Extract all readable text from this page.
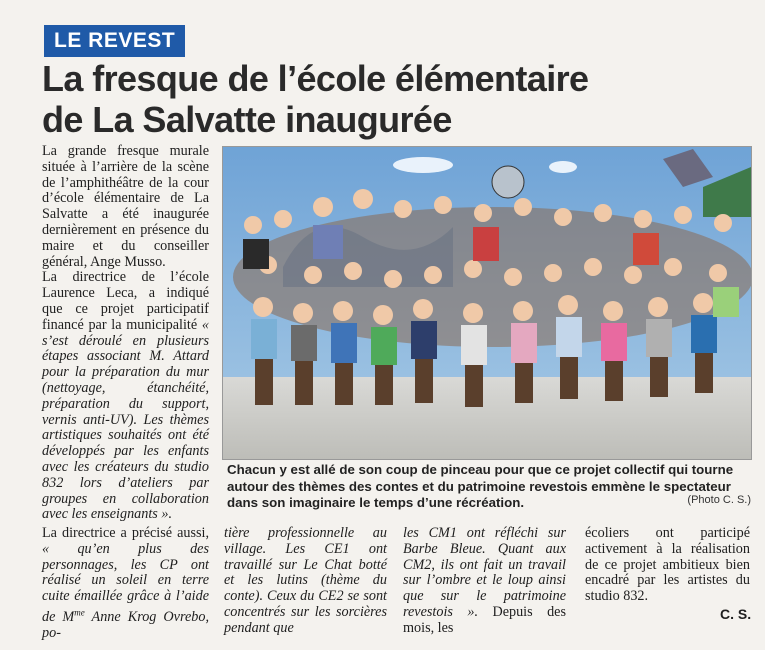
LE REVEST
La fresque de l’école élémentaire
de La Salvatte inaugurée

La grande fresque murale située à l’arrière de la scène de l’amphithéâtre de la cour d’école élémentaire de La Salvatte a été inaugurée dernièrement en présence du maire et du conseiller général, Ange Musso.

La directrice de l’école Laurence Leca, a indiqué que ce projet participatif financé par la municipalité « s’est déroulé en plusieurs étapes associant M. Attard pour la préparation du mur (nettoyage, étanchéité, préparation du support, vernis anti-UV). Les thèmes artistiques souhaités ont été développés par les enfants avec les créateurs du studio 832 lors d’ateliers par groupes en collaboration avec les enseignants ».

Chacun y est allé de son coup de pinceau pour que ce projet collectif qui tourne autour des thèmes des contes et du patrimoine revestois emmène le spectateur dans son imaginaire le temps d’une récréation.	(Photo C. S.)

La directrice a précisé aussi, « qu’en plus des personnages, les CP ont réalisé un soleil en terre cuite émaillée grâce à l’aide de $M^{me}$ Anne Krog Ovrebo, po-

tière professionnelle au village. Les CE1 ont travaillé sur Le Chat botté et les lutins (thème du conte). Ceux du CE2 se sont concentrés sur les sorcières pendant que

les CM1 ont réfléchi sur Barbe Bleue. Quant aux CM2, ils ont fait un travail sur l’ombre et le loup ainsi que sur le patrimoine revestois ». Depuis des mois, les

écoliers ont participé activement à la réalisation de ce projet ambitieux bien encadré par les artistes du studio 832.

C. S.
